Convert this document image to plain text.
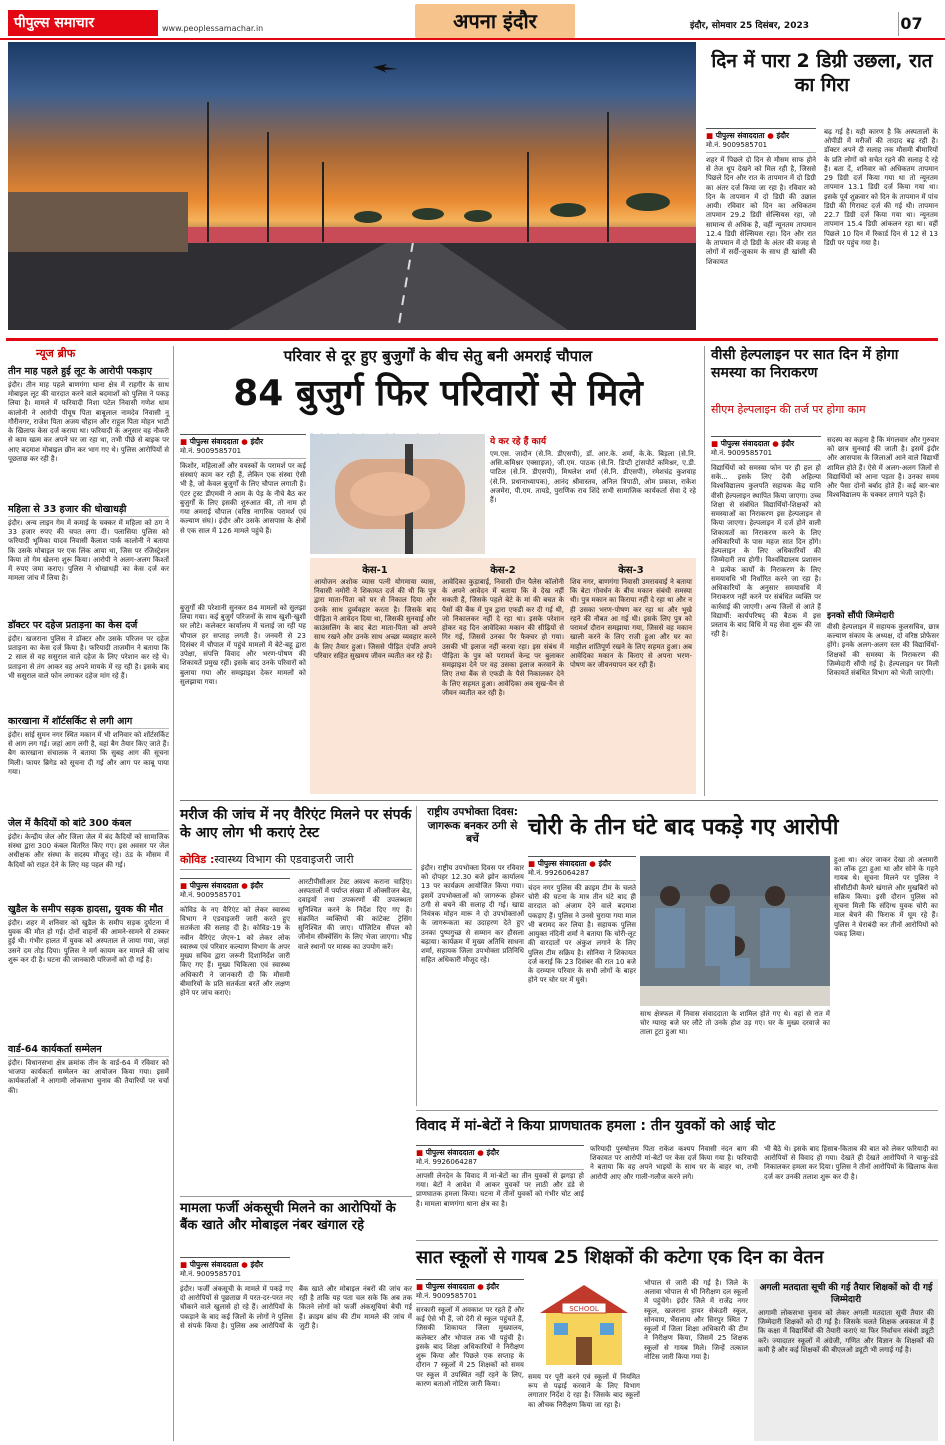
पीपुल्स समाचार	www.peoplessamachar.in	अपना इंदौर	इंदौर, सोमवार 25 दिसंबर, 2023	07
दिन में पारा 2 डिग्री उछला, रात का गिरा
■ पीपुल्स संवाददाता ● इंदौर
मो.नं. 9009585701
शहर में पिछले दो दिन से मौसम साफ होने से तेज धूप देखने को मिल रही है, जिससे पिछले दिन और रात के तापमान में दो डिग्री का अंतर दर्ज किया जा रहा है। रविवार को दिन के तापमान में दो डिग्री की उछाल आयी। रविवार को दिन का अधिकतम तापमान 29.2 डिग्री सेल्सियस रहा, जो सामान्य से अधिक है, वहीं न्यूनतम तापमान 12.4 डिग्री सेल्सियस रहा। दिन और रात के तापमान में दो डिग्री के अंतर की वजह से लोगों में सर्दी-जुकाम के साथ ही खांसी की शिकायत
बढ़ गई है। यही कारण है कि अस्पतालों के ओपीडी में मरीजों की तादाद बढ़ रही है। डॉक्टर अपने दी सलाह तक मौसमी बीमारियों के प्रति लोगों को सचेत रहने की सलाह दे रहे हैं। बता दें, शनिवार को अधिकतम तापमान 29 डिग्री दर्ज किया गया था तो न्यूनतम तापमान 13.1 डिग्री दर्ज किया गया था। इसके पूर्व शुक्रवार को दिन के तापमान में पांच डिग्री की गिरावट दर्ज की गई थी। तापमान 22.7 डिग्री दर्ज किया गया था। न्यूनतम तापमान 15.4 डिग्री आंकलन रहा था। वहीं पिछले 10 दिन में रिकार्ड दिन से 12 से 13 डिग्री पर पहुंच गया है।
न्यूज ब्रीफ
तीन माह पहले हुई लूट के आरोपी पकड़ाए
इंदौर। तीन माह पहले बाणगंगा थाना क्षेत्र में राहगीर के साथ मोबाइल लूट की वारदात करने वाले बदमाशों को पुलिस ने पकड़ लिया है। मामले में फरियादी निशा पटेल निवासी गणेश धाम कालोनी ने आरोपी पीयूष पिता बाबूलाल नामदेव निवासी नू गौरीनगर, राजेश पिता अजय चौहान और राहुल पिता मोहन भाटी के खिलाफ केस दर्ज कराया था। फरियादी के अनुसार वह नौकरी से काम खत्म कर अपने घर जा रहा था, तभी पीछे से बाइक पर आए बदमाश मोबाइल छीन कर भाग गए थे। पुलिस आरोपियों से पूछताछ कर रही है।
महिला से 33 हजार की धोखाधड़ी
इंदौर। अन्य लाइन गेम में कमाई के चक्कर में महिला को ठग ने 33 हजार रुपए की चपत लगा दी। पलासिया पुलिस को फरियादी भूमिका यादव निवासी कैलाश पार्क कालोनी ने बताया कि उसके मोबाइल पर एक लिंक आया था, जिस पर रजिस्ट्रेशन किया तो गेम खेलना शुरू किया। आरोपी ने अलग-अलग किश्तों में रुपए जमा कराए। पुलिस ने धोखाधड़ी का केस दर्ज कर मामला जांच में लिया है।
डॉक्टर पर दहेज प्रताड़ना का केस दर्ज
इंदौर। खजराना पुलिस ने डॉक्टर और उसके परिजन पर दहेज प्रताड़ना का केस दर्ज किया है। फरियादी ताजमीन ने बताया कि 2 साल से वह ससुराल वाले दहेज के लिए परेशान कर रहे थे। प्रताड़ना से तंग आकर वह अपने मायके में रह रही है। इसके बाद भी ससुराल वाले फोन लगाकर दहेज मांग रहे हैं।
कारखाना में शॉर्टसर्किट से लगी आग
इंदौर। सांई सुमन नगर स्थित मकान में भी शनिवार को शॉर्टसर्किट से आग लग गई। जहां आग लगी है, वहां बैग तैयार किए जाते हैं। बैग कारखाना संचालक ने बताया कि सुबह आग की सूचना मिली। फायर ब्रिगेड को सूचना दी गई और आग पर काबू पाया गया।
जेल में कैदियों को बांटे 300 कंबल
इंदौर। केन्द्रीय जेल और जिला जेल में बंद कैदियों को सामाजिक संस्था द्वारा 300 कंबल वितरित किए गए। इस अवसर पर जेल अधीक्षक और संस्था के सदस्य मौजूद रहे। ठंड के मौसम में कैदियों को राहत देने के लिए यह पहल की गई।
खुडैल के समीप सड़क हादसा, युवक की मौत
इंदौर। शहर में शनिवार को खुडैल के समीप सड़क दुर्घटना में युवक की मौत हो गई। दोनों वाहनों की आमने-सामने से टक्कर हुई थी। गंभीर हालत में युवक को अस्पताल ले जाया गया, जहां उसने दम तोड़ दिया। पुलिस ने मर्ग कायम कर मामले की जांच शुरू कर दी है। घटना की जानकारी परिजनों को दी गई है।
वार्ड-64 कार्यकर्ता सम्मेलन
इंदौर। विधानसभा क्षेत्र क्रमांक तीन के वार्ड-64 में रविवार को भाजपा कार्यकर्ता सम्मेलन का आयोजन किया गया। इसमें कार्यकर्ताओं ने आगामी लोकसभा चुनाव की तैयारियों पर चर्चा की।
परिवार से दूर हुए बुजुर्गों के बीच सेतु बनी अमराई चौपाल
84 बुजुर्ग फिर परिवारों से मिले
■ पीपुल्स संवाददाता ● इंदौर
मो.नं. 9009585701
किशोर, महिलाओं और वयस्कों के परामर्श पर कई संस्थाएं काम कर रही हैं, लेकिन एक संस्था ऐसी भी है, जो केवल बुजुर्गों के लिए चौपाल लगाती है। एंटर ट्रस्ट डीएमवी ने आम के पेड़ के नीचे बैठ कर बुजुर्गों के लिए इसकी शुरुआत की, तो नाम हो गया अमराई चौपाल (वरिष्ठ नागरिक परामर्श एवं कल्याण संघ)। इंदौर और उसके आसपास के क्षेत्रों से एक साल में 126 मामले पहुंचे हैं।
बुजुर्गों की परेशानी सुनकर 84 मामलों को सुलझा लिया गया। कई बुजुर्ग परिजनों के साथ खुशी-खुशी घर लौटे। कलेक्टर कार्यालय में चलाई जा रही यह चौपाल हर सप्ताह लगती है। जनवरी से 23 दिसंबर में चौपाल में पहुंचे मामलों में बेटे-बहू द्वारा उपेक्षा, संपत्ति विवाद और भरण-पोषण की शिकायतें प्रमुख रहीं। इसके बाद उनके परिवारों को बुलाया गया और समझाइश देकर मामलों को सुलझाया गया।
ये कर रहे हैं कार्य
एम.एस. जादौन (से.नि. डीएसपी), डॉ. आर.के. शर्मा, के.के. बिड़ला (से.नि. असि.कमिश्नर एक्साइज), जी.एम. पाठक (से.नि. डिप्टी ट्रांसपोर्ट कमिश्नर, ए.डी. पाटिल (से.नि. डीएसपी), मिथलेश शर्मा (से.नि. डीएसपी), रमेशचंद्र कुशवाह (से.नि. प्रधानाध्यापक), आनंद श्रीवास्तव, अनिल त्रिपाठी, ओम प्रकाश, राकेश अजमेरा, पी.एम. तायडे, पुराणिक राव शिंदे सभी सामाजिक कार्यकर्ता सेवा दे रहे हैं।
केस-1
आयोजन अशोक व्यास पत्नी योगमाया व्यास, निवासी नमोरी ने शिकायत दर्ज की थी कि पुत्र द्वारा माता-पिता को घर से निकाल दिया और उनके साथ दुर्व्यवहार करता है। जिसके बाद पीड़िता ने आवेदन दिया था, जिसकी सुनवाई और काउंसलिंग के बाद बेटा माता-पिता को अपने साथ रखने और उनके साथ अच्छा व्यवहार करने के लिए तैयार हुआ। जिससे पीड़ित दंपति अपने परिवार सहित सुखमय जीवन व्यतीत कर रहे हैं।
केस-2
आवेदिका कुड़ाबाई, निवासी ग्रीन पैलेस कॉलोनी के अपने आवेदन में बताया कि वे देख नहीं सकती हैं, जिसके पहले बेटे के मां की बचत के पैसों की बैंक में पुत्र द्वारा एफडी कर दी गई थी, जो निकालकर नहीं दे रहा था। इसके परेशान होकर वह दिन आवेदिका मकान की सीढ़ियों से गिर गई, जिससे उनका पैर फैक्चर हो गया। उसकी भी इलाज नहीं करवा रहा। इस संबंध में पीड़िता के पुत्र को परामर्श केन्द्र पर बुलाकर समझाइश देने पर वह उसका इलाज करवाने के लिए तथा बैंक से एफडी के पैसे निकालकर देने के लिए सहमत हुआ। आवेदिका अब सुख-चैन से जीवन व्यतीत कर रही है।
केस-3
शिव नगर, बाणगंगा निवासी उमराववाई ने बताया कि बेटा गोवर्धन के बीच मकान संबंधी समस्या थी। पुत्र मकान का किराया नहीं दे रहा था और न ही उसका भरण-पोषण कर रहा था और भूखे रहने की नौबत आ गई थी। इसके लिए पुत्र को परामर्श दौरान समझाया गया, जिससे वह मकान खाली करने के लिए राजी हुआ और घर का माहौल शांतिपूर्ण रखने के लिए सहमत हुआ। अब आवेदिका मकान के किराए से अपना भरण-पोषण कर जीवनयापन कर रही हैं।
वीसी हेल्पलाइन पर सात दिन में होगा समस्या का निराकरण
सीएम हेल्पलाइन की तर्ज पर होगा काम
■ पीपुल्स संवाददाता ● इंदौर
मो.नं. 9009585701
विद्यार्थियों को समस्या फोन पर ही हल हो सके... इसके लिए देवी अहिल्या विश्वविद्यालय कुलपति सहायक केंद्र यानि वीसी हेल्पलाइन स्थापित किया जाएगा। उच्च शिक्षा से संबंधित विद्यार्थियों-शिक्षकों को समस्याओं का निराकरण इस हेल्पलाइन से किया जाएगा। हेल्पलाइन में दर्ज होने वाली शिकायतों का निराकरण करने के लिए अधिकारियों के पास महज सात दिन होंगे। हेल्पलाइन के लिए अधिकारियों की जिम्मेदारी तय होगी। विश्वविद्यालय प्रशासन ने प्रत्येक कार्यों के निराकरण के लिए समयावधि भी निर्धारित करने जा रहा है। अधिकारियों के अनुसार समयावधि में निराकरण नहीं करने पर संबंधित व्यक्ति पर कार्रवाई की जाएगी। अन्य जिलों से आते हैं विद्यार्थी: कार्यपरिषद् की बैठक में इस प्रस्ताव के बाद विधि में यह सेवा शुरू की जा रही है।
सदस्य का कहना है कि मंगलवार और गुरुवार को छात्र सुनवाई की जाती है। इसमें इंदौर और आसपास के जिलाओं आने वाले विद्यार्थी शामिल होते हैं। ऐसे में अलग-अलग जिलों से विद्यार्थियों को आना पड़ता है। उनका समय और पैसा दोनों बर्बाद होते हैं। कई बार-बार विश्वविद्यालय के चक्कर लगाने पड़ते हैं।
इनको सौंपी जिम्मेदारी
वीसी हेल्पलाइन में सहायक कुलसचिव, छात्र कल्याण संकाय के अध्यक्ष, दो वरिष्ठ प्रोफेसर होंगे। इनके अलग-अलग स्तर की विद्यार्थियों-शिक्षकों की समस्या के निराकरण की जिम्मेदारी सौंपी गई है। हेल्पलाइन पर मिली शिकायतें संबंधित विभाग को भेजी जाएंगी।
मरीज की जांच में नए वैरिएंट मिलने पर संपर्क के आए लोग भी कराएं टेस्ट
कोविड :स्वास्थ्य विभाग की एडवाइजरी जारी
■ पीपुल्स संवाददाता ● इंदौर
मो.नं. 9009585701
कोविड के नए वैरिएंट को लेकर स्वास्थ्य विभाग ने एडवाइजरी जारी करते हुए सतर्कता की सलाह दी है। कोविड-19 के नवीन वैरिएंट जेएन-1 को लेकर लोक स्वास्थ्य एवं परिवार कल्याण विभाग के अपर मुख्य सचिव द्वारा जरूरी दिशानिर्देश जारी किए गए हैं। मुख्य चिकित्सा एवं स्वास्थ्य अधिकारी ने जानकारी दी कि मौसमी बीमारियों के प्रति सतर्कता बरतें और लक्षण होने पर जांच कराएं।
आरटीपीसीआर टेस्ट अवश्य कराना चाहिए। अस्पतालों में पर्याप्त संख्या में ऑक्सीजन बेड, दवाइयों तथा उपकरणों की उपलब्धता सुनिश्चित करने के निर्देश दिए गए हैं। संक्रमित व्यक्तियों की कांटेक्ट ट्रेसिंग सुनिश्चित की जाए। पॉजिटिव सैंपल को जीनोम सीक्वेंसिंग के लिए भेजा जाएगा। भीड़ वाले स्थानों पर मास्क का उपयोग करें।
राष्ट्रीय उपभोक्ता दिवस: जागरूक बनकर ठगी से बचें
इंदौर। राष्ट्रीय उपभोक्ता दिवस पर रविवार को दोपहर 12.30 बजे झोन कार्यालय 13 पर कार्यक्रम आयोजित किया गया। इसमें उपभोक्ताओं को जागरूक होकर ठगी से बचने की सलाह दी गई। खाद्य नियंत्रक मोहन मारू ने दो उपभोक्ताओं के जागरूकता का उदाहरण देते हुए उनका पुष्पगुच्छ से सम्मान कर हौसला बढ़ाया। कार्यक्रम में मुख्य अतिथि साधना शर्मा, सहायक जिला उपभोक्ता प्रतिनिधि सहित अधिकारी मौजूद रहे।
चोरी के तीन घंटे बाद पकड़े गए आरोपी
■ पीपुल्स संवाददाता ● इंदौर
मो.नं. 9926064287
चंदन नगर पुलिस की क्राइम टीम के चलते चोरी की घटना के मात्र तीन घंटे बाद ही वारदात को अंजाम देने वाले बदमाश पकड़ाए हैं। पुलिस ने उनसे चुराया गया माल भी बरामद कर लिया है। सहायक पुलिस आयुक्त नंदिनी शर्मा ने बताया कि चोरी-लूट की वारदातों पर अंकुश लगाने के लिए पुलिस टीम सक्रिय है। सोनिया ने शिकायत दर्ज कराई कि 23 दिसंबर की रात 10 बजे के दरम्यान परिवार के सभी लोगों के बाहर होने पर चोर घर में घुसे।
साथ क्षेत्रफल में निवास संवाददाता के शामिल होते गए थे। वहां से रात में चोर ग्यारह बजे घर लौटे तो उनके होश उड़ गए। घर के मुख्य दरवाजे का ताला टूटा हुआ था।
हुआ था। अंदर जाकर देखा तो अलमारी का लॉक टूटा हुआ था और सोने के गहने गायब थे। सूचना मिलने पर पुलिस ने सीसीटीवी कैमरे खंगाले और मुखबिरों को सक्रिय किया। इसी दौरान पुलिस को सूचना मिली कि संदिग्ध युवक चोरी का माल बेचने की फिराक में घूम रहे हैं। पुलिस ने घेराबंदी कर तीनों आरोपियों को पकड़ लिया।
विवाद में मां-बेटों ने किया प्राणघातक हमला : तीन युवकों को आई चोट
■ पीपुल्स संवाददाता ● इंदौर
मो.नं. 9926064287
आपसी लेनदेन के विवाद में मां-बेटों का तीन युवकों से झगड़ा हो गया। बेटों ने आवेश में आकर युवकों पर लाठी और डंडे से प्राणघातक हमला किया। घटना में तीनों युवकों को गंभीर चोट आई है। मामला बाणगंगा थाना क्षेत्र का है।
फरियादी पुरुषोत्तम पिता राकेश कश्यप निवासी नंदन बाग की शिकायत पर आरोपी मां-बेटों पर केस दर्ज किया गया है। फरियादी ने बताया कि वह अपने भाइयों के साथ घर के बाहर था, तभी आरोपी आए और गाली-गलौज करने लगे।
भी बैठे थे। इसके बाद हिसाब-किताब की बात को लेकर फरियादी का आरोपियों से विवाद हो गया। देखते ही देखते आरोपियों ने चाकू-डंडे निकालकर हमला कर दिया। पुलिस ने तीनों आरोपियों के खिलाफ केस दर्ज कर उनकी तलाश शुरू कर दी है।
मामला फर्जी अंकसूची मिलने का आरोपियों के बैंक खाते और मोबाइल नंबर खंगाल रहे
■ पीपुल्स संवाददाता ● इंदौर
मो.नं. 9009585701
इंदौर। फर्जी अंकसूची के मामले में पकड़े गए दो आरोपियों से पूछताछ में परत-दर-परत नए चौंकाने वाले खुलासे हो रहे हैं। आरोपियों के पकड़ाने के बाद कई जिलों के लोगों ने पुलिस से संपर्क किया है। पुलिस अब आरोपियों के बैंक खाते और मोबाइल नंबरों की जांच कर रही है ताकि यह पता चल सके कि अब तक कितने लोगों को फर्जी अंकसूचियां बेची गई हैं। क्राइम ब्रांच की टीम मामले की जांच में जुटी है।
सात स्कूलों से गायब 25 शिक्षकों की कटेगा एक दिन का वेतन
■ पीपुल्स संवाददाता ● इंदौर
मो.नं. 9009585701
सरकारी स्कूलों में अवकाश पर रहते हैं और कई ऐसे भी हैं, जो देरी से स्कूल पहुंचते हैं, जिसकी शिकायत जिला मुख्यालय, कलेक्टर और भोपाल तक भी पहुंची है। इसके बाद शिक्षा अधिकारियों ने निरीक्षण शुरू किया और पिछले एक सप्ताह के दौरान 7 स्कूलों में 25 शिक्षकों को समय पर स्कूल में उपस्थित नहीं रहने के लिए, कारण बताओ नोटिस जारी किया।
SCHOOL
समय पर पूरी करने एवं स्कूलों में नियमित रूप से पढ़ाई करवाने के लिए विभाग लगातार निर्देश दे रहा है। जिसके बाद स्कूलों का औचक निरीक्षण किया जा रहा है।
भोपाल से जारी की गई है। जिले के अलावा भोपाल से भी निरीक्षण दल स्कूलों में पहुंचेंगे। इंदौर जिले में राजेंद्र नगर स्कूल, खजराना हायर सेकंडरी स्कूल, सोनवाय, भैंसलाय और सिरपुर स्थित 7 स्कूलों में जिला शिक्षा अधिकारी की टीम ने निरीक्षण किया, जिसमें 25 शिक्षक स्कूलों से गायब मिले। जिन्हें तत्काल नोटिस जारी किया गया है।
अगली मतदाता सूची की गई तैयार शिक्षकों को दी गई जिम्मेदारी
आगामी लोकसभा चुनाव को लेकर अगली मतदाता सूची तैयार की जिम्मेदारी शिक्षकों को दी गई है। जिसके चलते शिक्षक अवकाश में हैं कि कक्षा में विद्यार्थियों की तैयारी कराएं या फिर निर्वाचन संबंधी ड्यूटी करें। ज्यादातर स्कूलों में अंग्रेजी, गणित और विज्ञान के शिक्षकों की कमी है और कई शिक्षकों की बीएलओ ड्यूटी भी लगाई गई है।
